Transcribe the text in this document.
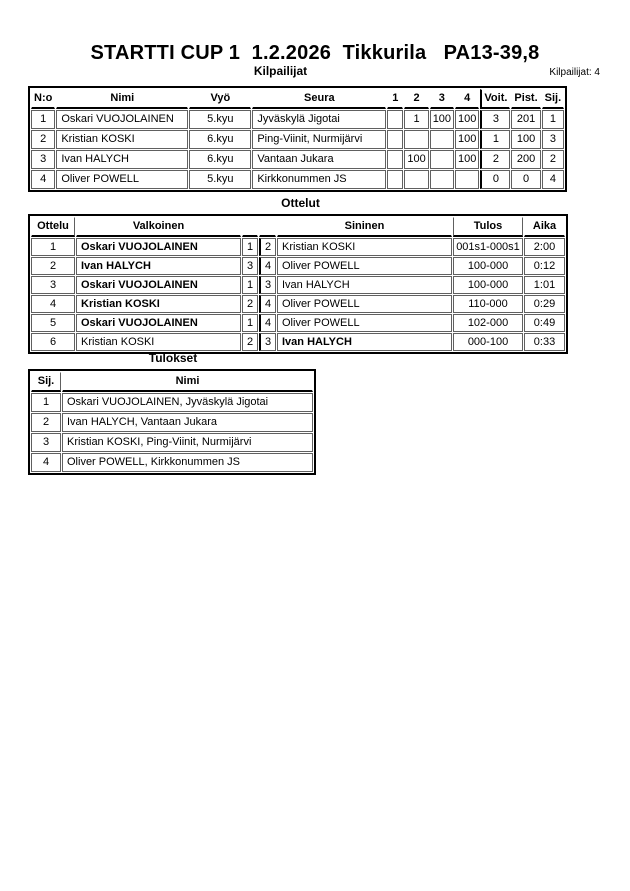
STARTTI CUP 1  1.2.2026  Tikkurila   PA13-39,8
Kilpailijat	Kilpailijat: 4
N:o	Nimi	Vyö	Seura	1	2	3	4	Voit.	Pist.	Sij.
1	Oskari VUOJOLAINEN	5.kyu	Jyväskylä Jigotai		1	100	100	3	201	1
2	Kristian KOSKI	6.kyu	Ping-Viinit, Nurmijärvi				100	1	100	3
3	Ivan HALYCH	6.kyu	Vantaan Jukara		100		100	2	200	2
4	Oliver POWELL	5.kyu	Kirkkonummen JS					0	0	4
Ottelut
Ottelu	Valkoinen			Sininen	Tulos	Aika
1	Oskari VUOJOLAINEN	1	2	Kristian KOSKI	001s1-000s1	2:00
2	Ivan HALYCH	3	4	Oliver POWELL	100-000	0:12
3	Oskari VUOJOLAINEN	1	3	Ivan HALYCH	100-000	1:01
4	Kristian KOSKI	2	4	Oliver POWELL	110-000	0:29
5	Oskari VUOJOLAINEN	1	4	Oliver POWELL	102-000	0:49
6	Kristian KOSKI	2	3	Ivan HALYCH	000-100	0:33
Tulokset
Sij.	Nimi
1	Oskari VUOJOLAINEN, Jyväskylä Jigotai
2	Ivan HALYCH, Vantaan Jukara
3	Kristian KOSKI, Ping-Viinit, Nurmijärvi
4	Oliver POWELL, Kirkkonummen JS
